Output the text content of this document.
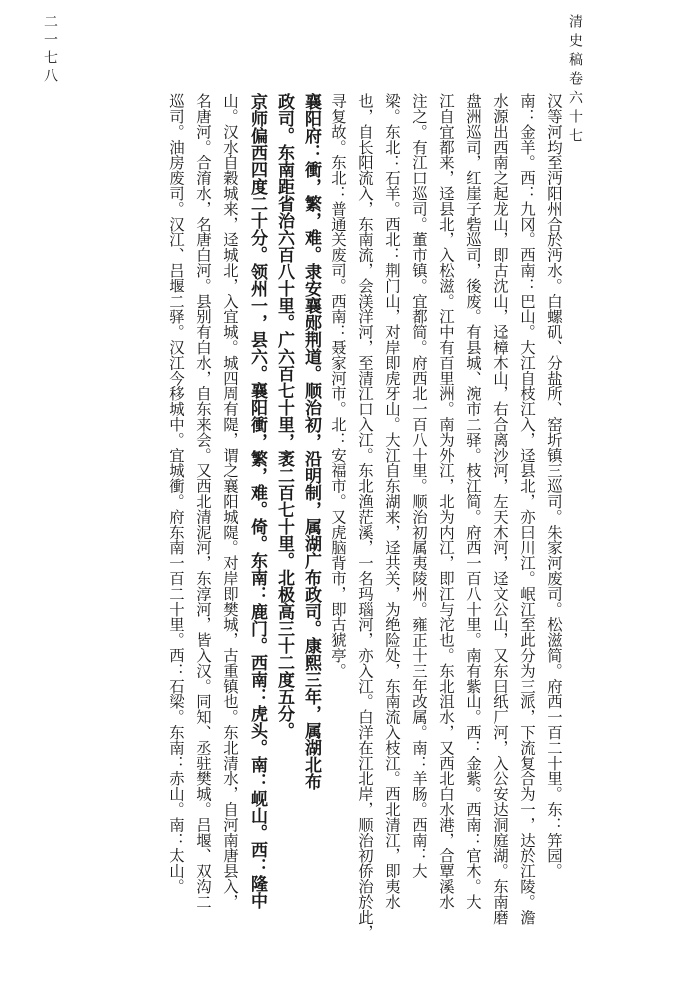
清史稿卷六十七
二一七八
汉等河均至沔阳州合於沔水。白螺矶、分盐所、窑圻镇三巡司。朱家河废司。松滋简。府西一百二十里。东：笄园。
南：金羊。西：九冈。西南：巴山。大江自枝江入，迳县北，亦曰川江。岷江至此分为三派，下流复合为一，达於江陵。澹
水源出西南之起龙山，即古沈山，迳樟木山，右合离沙河，左天木河，迳文公山，又东曰纸厂河，入公安达洞庭湖。东南磨
盘洲巡司，红崖子砦巡司，後废。有县城、涴市二驿。枝江简。府西一百八十里。南有紫山。西：金紫。西南：官木。大
江自宜都来，迳县北，入松滋。江中有百里洲。南为外江，北为内江，即江与沱也。东北沮水，又西北白水港，合覃溪水
注之。有江口巡司。董市镇。宜都简。府西北一百八十里。顺治初属夷陵州。雍正十三年改属。南：羊肠。西南：大
梁。东北：石羊。西北：荆门山，对岸即虎牙山。大江自东湖来，迳共关，为绝险处，东南流入枝江。西北清江，即夷水
也，自长阳流入，东南流，会渼洋河，至清江口入江。东北渔茫溪，一名玛瑙河，亦入江。白洋在江北岸，顺治初侨治於此，
寻复故。东北：普通关废司。西南：聂家河市。北：安福市。又虎脑背市，即古猇亭。
襄阳府：衝，繁，难。隶安襄郧荆道。顺治初，沿明制，属湖广布政司。康熙三年，属湖北布
政司。东南距省治六百八十里。广六百七十里，袤二百七十里。北极高三十二度五分。
京师偏西四度二十分。领州一，县六。襄阳衝，繁，难。倚。东南：鹿门。西南：虎头。南：岘山。西：隆中
山。汉水自穀城来，迳城北，入宜城。城四周有隄，谓之襄阳城隄。对岸即樊城，古重镇也。东北清水，自河南唐县入，
名唐河。合淯水，名唐白河。县别有白水，自东来会。又西北清泥河，东淳河，皆入汉。同知、丞驻樊城。吕堰、双沟二
巡司。油房废司。汉江、吕堰二驿。汉江今移城中。宜城衝。府东南一百二十里。西：石梁。东南：赤山。南：太山。
